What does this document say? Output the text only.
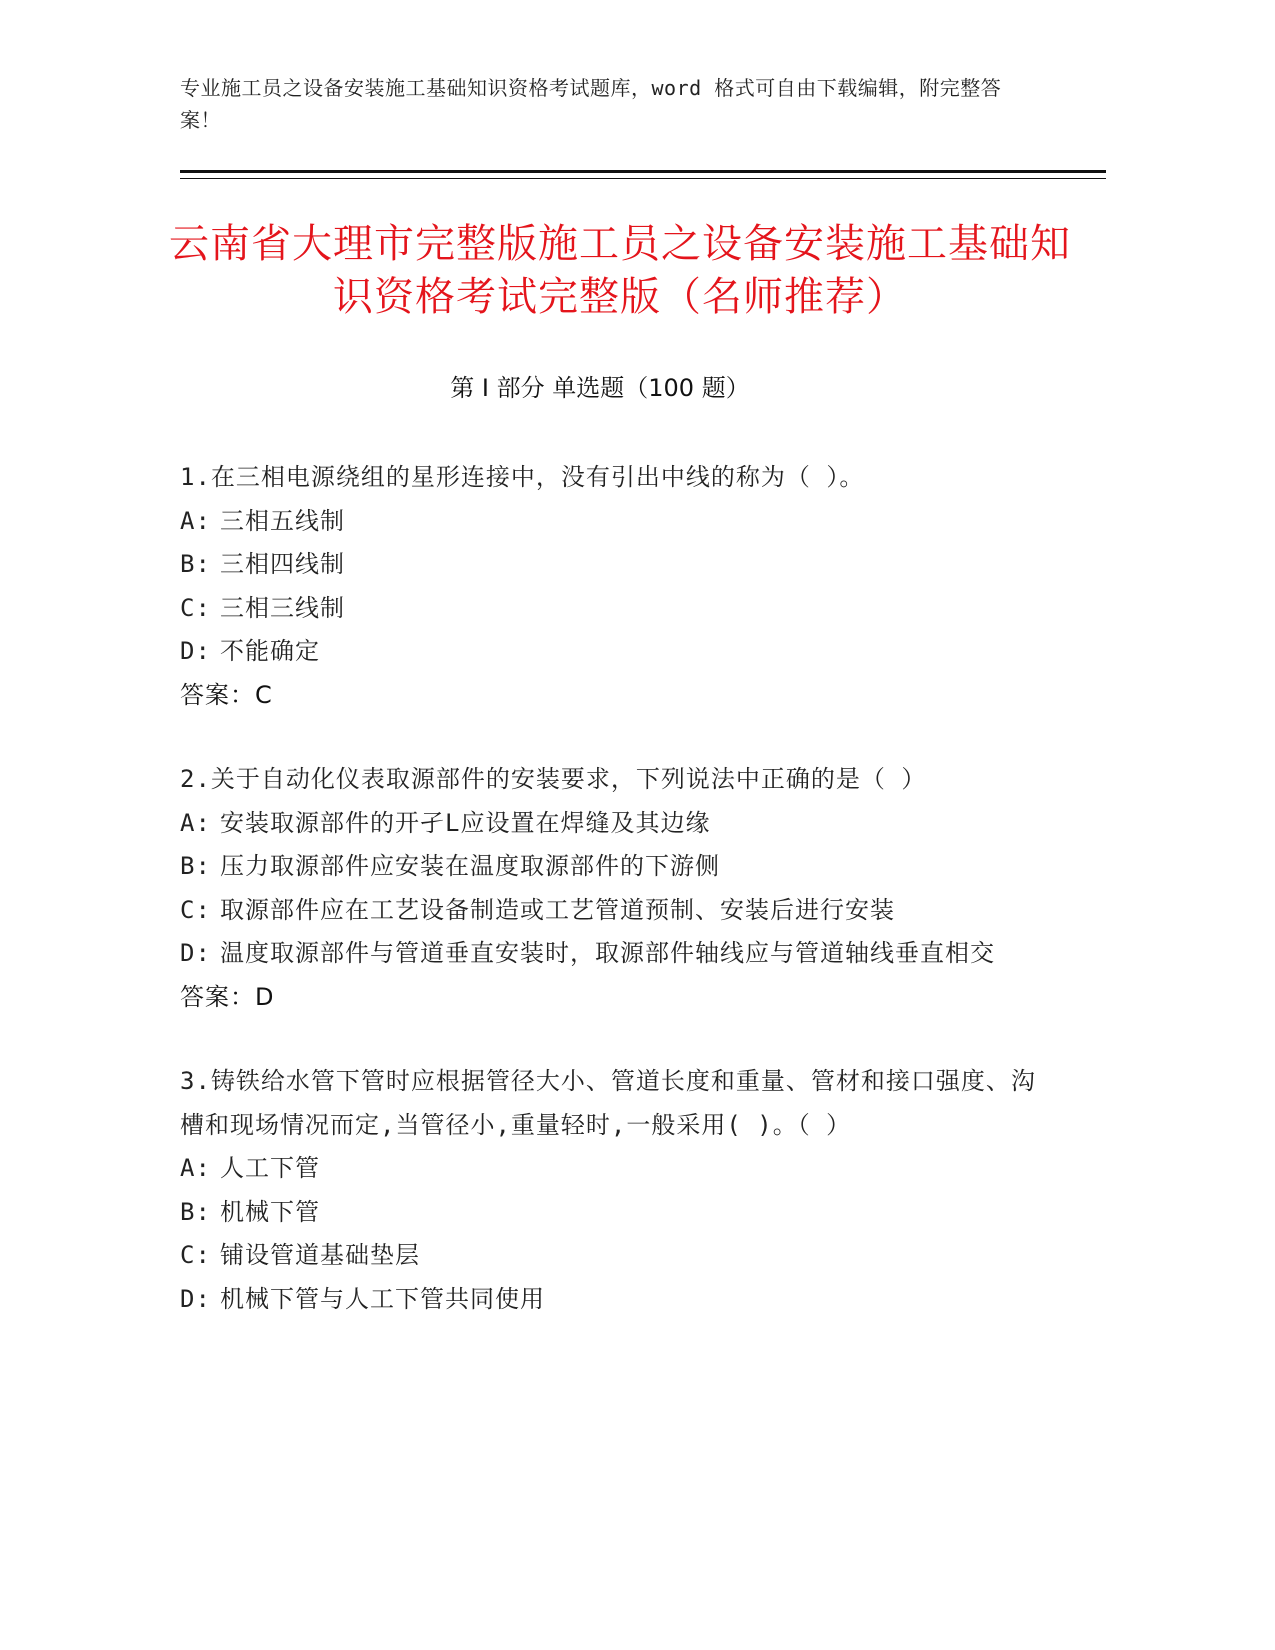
专业施工员之设备安装施工基础知识资格考试题库，word 格式可自由下载编辑，附完整答案！
云南省大理市完整版施工员之设备安装施工基础知识资格考试完整版（名师推荐）
第 I 部分 单选题（100 题）
1.在三相电源绕组的星形连接中，没有引出中线的称为（ ）。
A: 三相五线制
B: 三相四线制
C: 三相三线制
D: 不能确定
答案：C
2.关于自动化仪表取源部件的安装要求，下列说法中正确的是（ ）
A: 安装取源部件的开孑L应设置在焊缝及其边缘
B: 压力取源部件应安装在温度取源部件的下游侧
C: 取源部件应在工艺设备制造或工艺管道预制、安装后进行安装
D: 温度取源部件与管道垂直安装时，取源部件轴线应与管道轴线垂直相交
答案：D
3.铸铁给水管下管时应根据管径大小、管道长度和重量、管材和接口强度、沟槽和现场情况而定,当管径小,重量轻时,一般采用( )。（ ）
A: 人工下管
B: 机械下管
C: 铺设管道基础垫层
D: 机械下管与人工下管共同使用
